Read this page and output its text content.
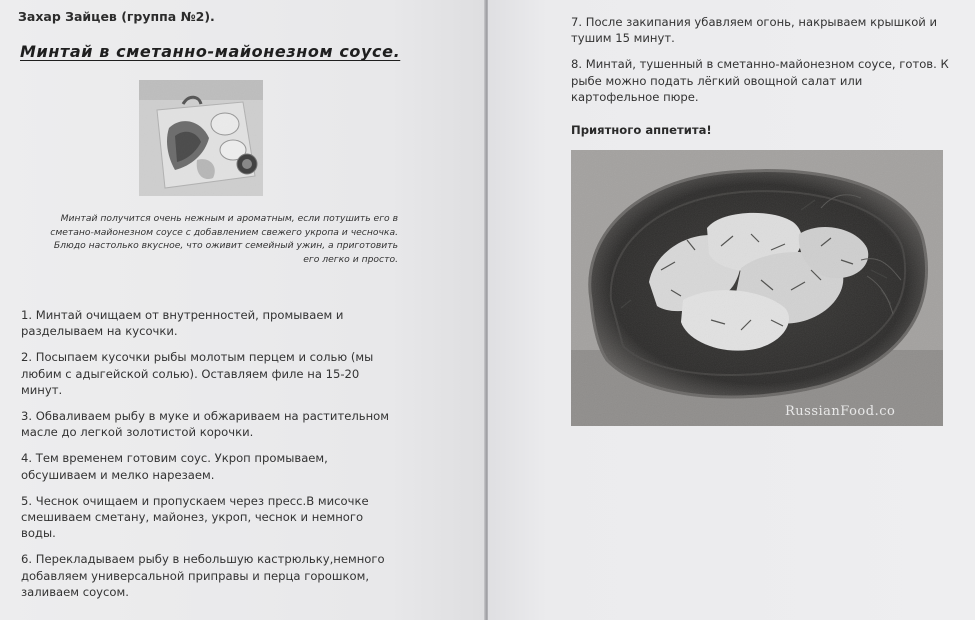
Захар Зайцев (группа №2).
Минтай в сметанно-майонезном соусе.
Минтай получится очень нежным и ароматным, если потушить его в
сметано-майонезном соусе с добавлением свежего укропа и чесночка.
Блюдо настолько вкусное, что оживит семейный ужин, а приготовить
его легко и просто.

1. Минтай очищаем от внутренностей, промываем и

разделываем на кусочки.

2. Посыпаем кусочки рыбы молотым перцем и солью (мы

любим с адыгейской солью). Оставляем филе на 15-20

минут.

3. Обваливаем рыбу в муке и обжариваем на растительном

масле до легкой золотистой корочки.

4. Тем временем готовим соус. Укроп промываем,

обсушиваем и мелко нарезаем.

5. Чеснок очищаем и пропускаем через пресс.В мисочке

смешиваем сметану, майонез, укроп, чеснок и немного

воды.

6. Перекладываем рыбу в небольшую кастрюльку,немного

добавляем универсальной приправы и перца горошком,

заливаем соусом.

7. После закипания убавляем огонь, накрываем крышкой и

тушим 15 минут.

8. Минтай, тушенный в сметанно-майонезном соусе, готов. К

рыбе можно подать лёгкий овощной салат или

картофельное пюре.

Приятного аппетита!
RussianFood.co
